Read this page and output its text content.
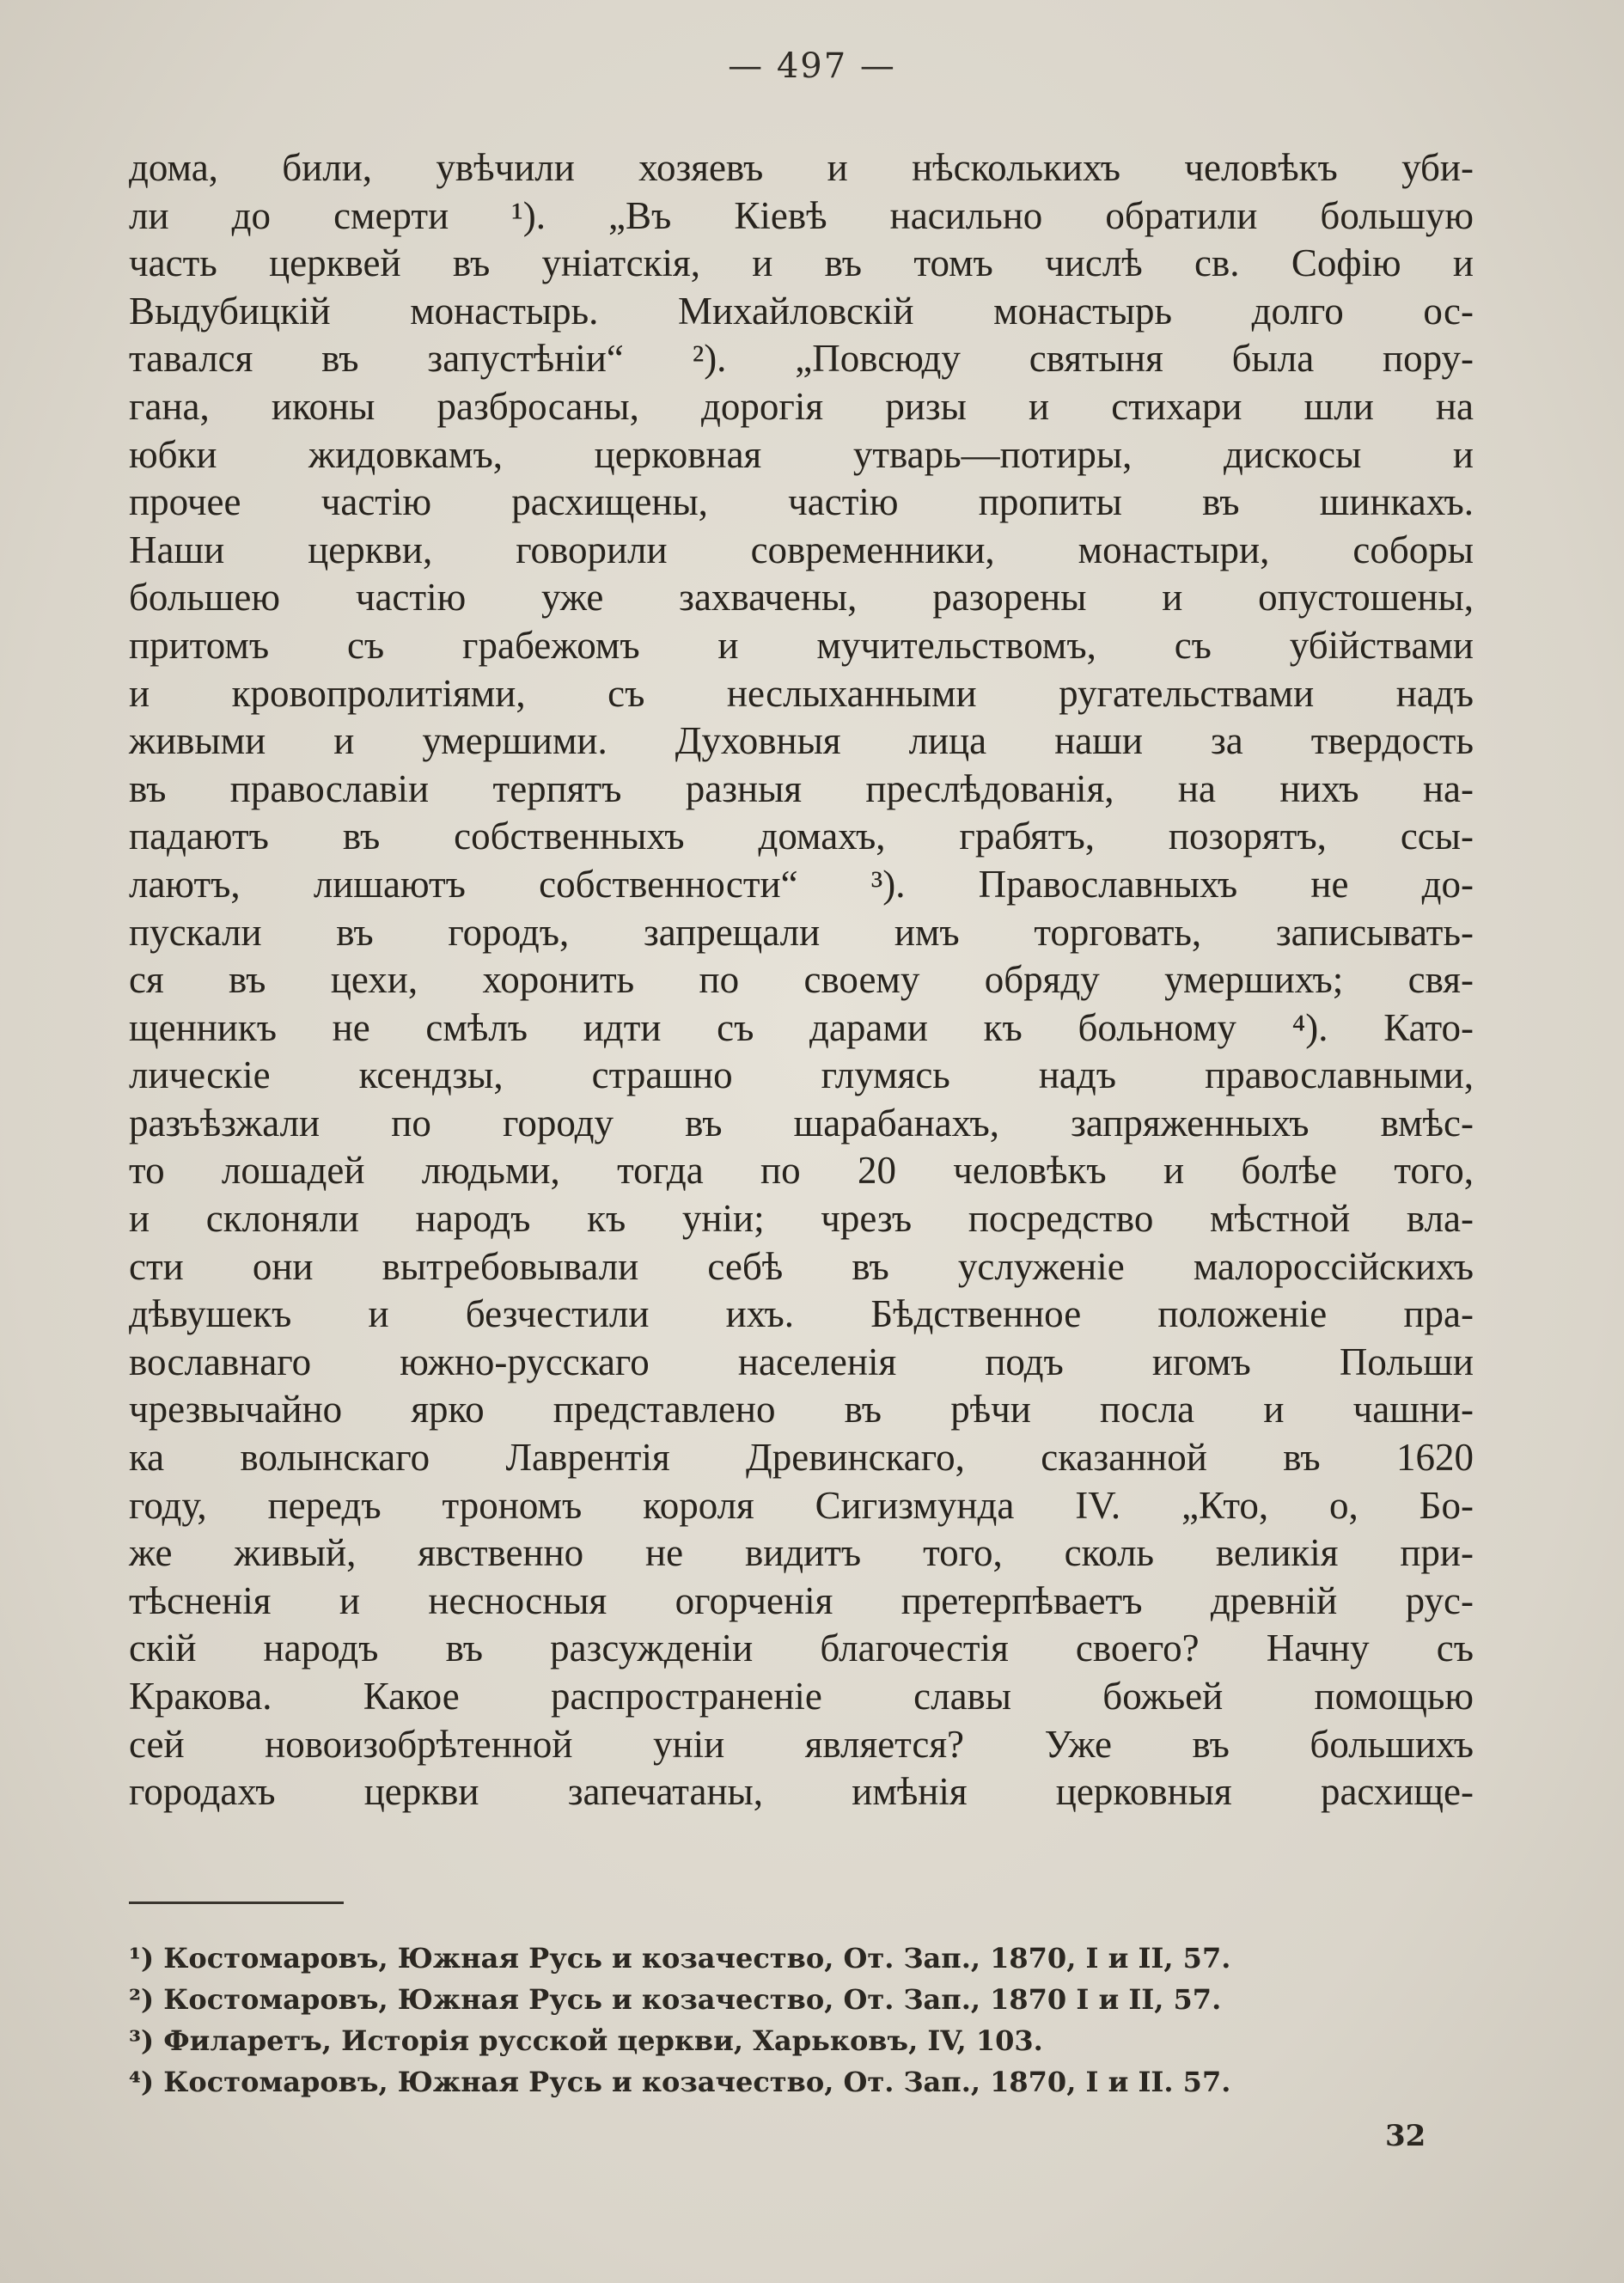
— 497 —
дома, били, увѣчили хозяевъ и нѣсколькихъ человѣкъ уби-
ли до смерти ¹). „Въ Кіевѣ насильно обратили большую
часть церквей въ уніатскія, и въ томъ числѣ св. Софію и
Выдубицкій монастырь. Михайловскій монастырь долго ос-
тавался въ запустѣніи“ ²). „Повсюду святыня была пору-
гана, иконы разбросаны, дорогія ризы и стихари шли на
юбки жидовкамъ, церковная утварь—потиры, дискосы и
прочее частію расхищены, частію пропиты въ шинкахъ.
Наши церкви, говорили современники, монастыри, соборы
большею частію уже захвачены, разорены и опустошены,
притомъ съ грабежомъ и мучительствомъ, съ убійствами
и кровопролитіями, съ неслыханными ругательствами надъ
живыми и умершими. Духовныя лица наши за твердость
въ православіи терпятъ разныя преслѣдованія, на нихъ на-
падаютъ въ собственныхъ домахъ, грабятъ, позорятъ, ссы-
лаютъ, лишаютъ собственности“ ³). Православныхъ не до-
пускали въ городъ, запрещали имъ торговать, записывать-
ся въ цехи, хоронить по своему обряду умершихъ; свя-
щенникъ не смѣлъ идти съ дарами къ больному ⁴). Като-
лическіе ксендзы, страшно глумясь надъ православными,
разъѣзжали по городу въ шарабанахъ, запряженныхъ вмѣс-
то лошадей людьми, тогда по 20 человѣкъ и болѣе того,
и склоняли народъ къ уніи; чрезъ посредство мѣстной вла-
сти они вытребовывали себѣ въ услуженіе малороссійскихъ
дѣвушекъ и безчестили ихъ. Бѣдственное положеніе пра-
вославнаго южно-русскаго населенія подъ игомъ Польши
чрезвычайно ярко представлено въ рѣчи посла и чашни-
ка волынскаго Лаврентія Древинскаго, сказанной въ 1620
году, передъ трономъ короля Сигизмунда IV. „Кто, о, Бо-
же живый, явственно не видитъ того, сколь великія при-
тѣсненія и несносныя огорченія претерпѣваетъ древній рус-
скій народъ въ разсужденіи благочестія своего? Начну съ
Кракова. Какое распространеніе славы божьей помощью
сей новоизобрѣтенной уніи является? Уже въ большихъ
городахъ церкви запечатаны, имѣнія церковныя расхище-
¹) Костомаровъ, Южная Русь и козачество, От. Зап., 1870, I и II, 57.
²) Костомаровъ, Южная Русь и козачество, От. Зап., 1870 I и II, 57.
³) Филаретъ, Исторія русской церкви, Харьковъ, IV, 103.
⁴) Костомаровъ, Южная Русь и козачество, От. Зап., 1870, I и II. 57.
32
